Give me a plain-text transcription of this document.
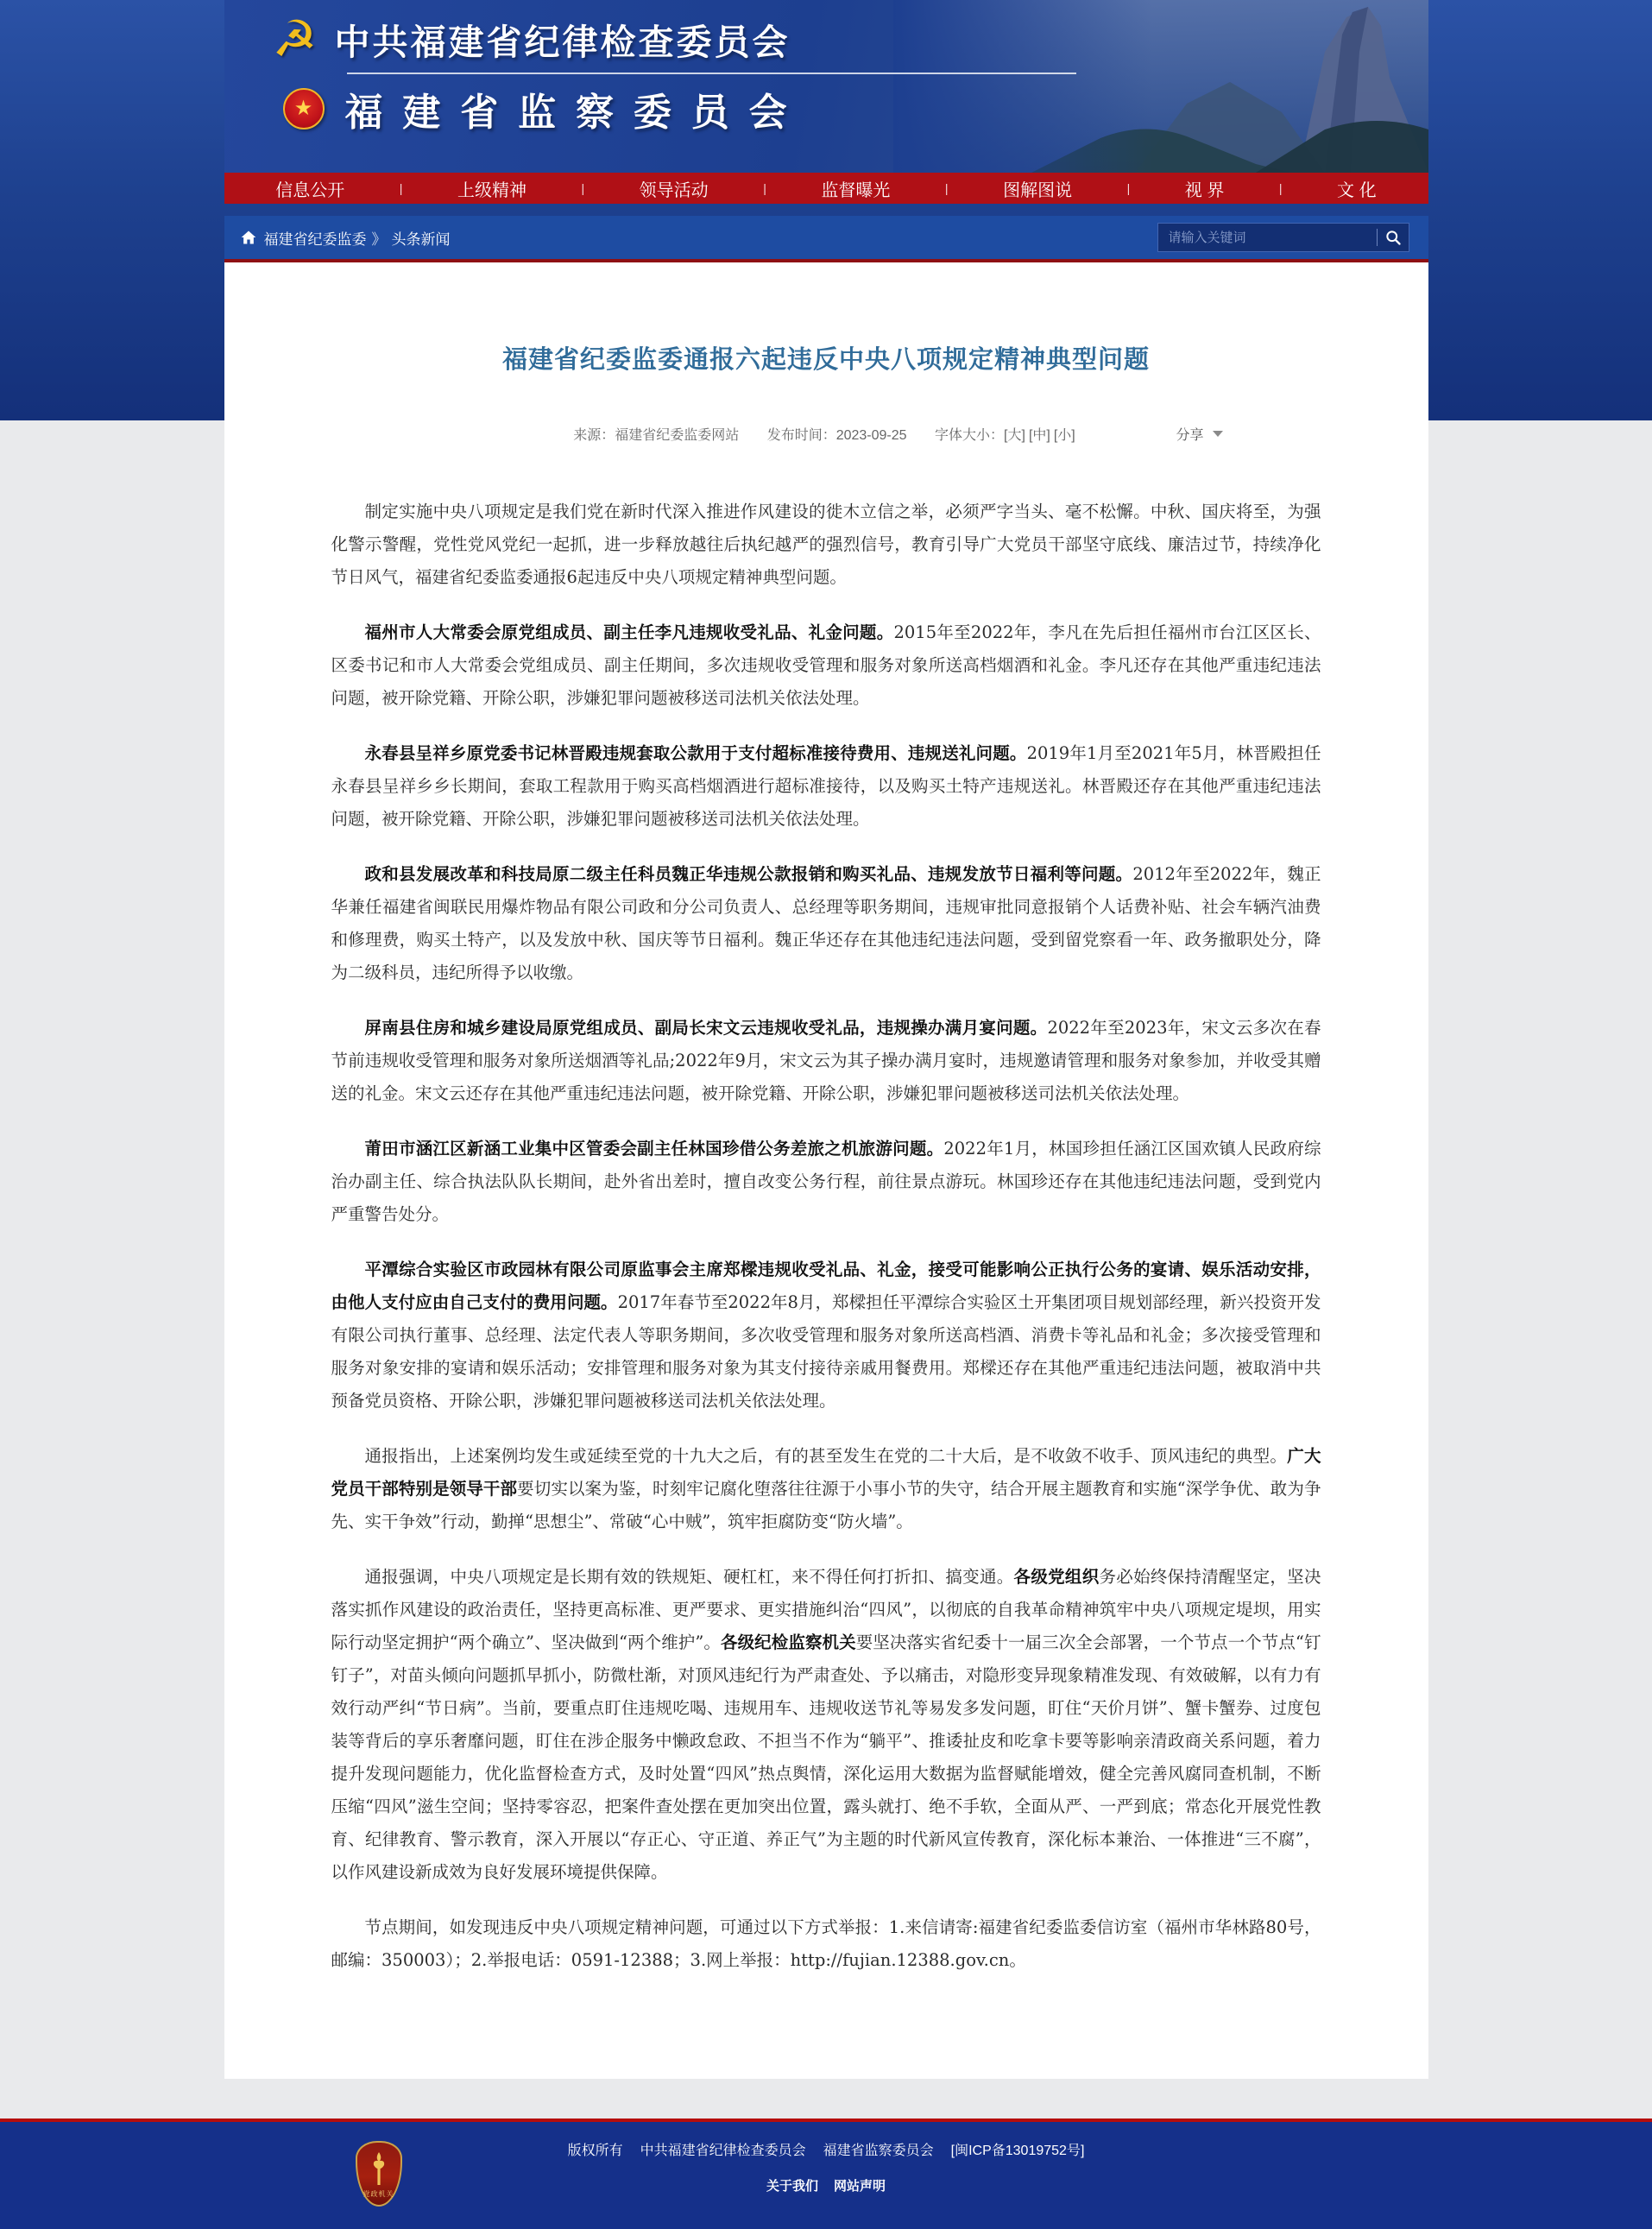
☭ 中共福建省纪律检查委员会
★ 福建省监察委员会
信息公开	|	上级精神	|	领导活动	|	监督曝光	|	图解图说	|	视 界	|	文 化
福建省纪委监委 》 头条新闻
请输入关键词
福建省纪委监委通报六起违反中央八项规定精神典型问题
来源：福建省纪委监委网站 发布时间：2023-09-25 字体大小：[大] [中] [小]	分享

制定实施中央八项规定是我们党在新时代深入推进作风建设的徙木立信之举，必须严字当头、毫不松懈。中秋、国庆将至，为强化警示警醒，党性党风党纪一起抓，进一步释放越往后执纪越严的强烈信号，教育引导广大党员干部坚守底线、廉洁过节，持续净化节日风气，福建省纪委监委通报6起违反中央八项规定精神典型问题。

福州市人大常委会原党组成员、副主任李凡违规收受礼品、礼金问题。2015年至2022年，李凡在先后担任福州市台江区区长、区委书记和市人大常委会党组成员、副主任期间，多次违规收受管理和服务对象所送高档烟酒和礼金。李凡还存在其他严重违纪违法问题，被开除党籍、开除公职，涉嫌犯罪问题被移送司法机关依法处理。

永春县呈祥乡原党委书记林晋殿违规套取公款用于支付超标准接待费用、违规送礼问题。2019年1月至2021年5月，林晋殿担任永春县呈祥乡乡长期间，套取工程款用于购买高档烟酒进行超标准接待，以及购买土特产违规送礼。林晋殿还存在其他严重违纪违法问题，被开除党籍、开除公职，涉嫌犯罪问题被移送司法机关依法处理。

政和县发展改革和科技局原二级主任科员魏正华违规公款报销和购买礼品、违规发放节日福利等问题。2012年至2022年，魏正华兼任福建省闽联民用爆炸物品有限公司政和分公司负责人、总经理等职务期间，违规审批同意报销个人话费补贴、社会车辆汽油费和修理费，购买土特产，以及发放中秋、国庆等节日福利。魏正华还存在其他违纪违法问题，受到留党察看一年、政务撤职处分，降为二级科员，违纪所得予以收缴。

屏南县住房和城乡建设局原党组成员、副局长宋文云违规收受礼品，违规操办满月宴问题。2022年至2023年，宋文云多次在春节前违规收受管理和服务对象所送烟酒等礼品;2022年9月，宋文云为其子操办满月宴时，违规邀请管理和服务对象参加，并收受其赠送的礼金。宋文云还存在其他严重违纪违法问题，被开除党籍、开除公职，涉嫌犯罪问题被移送司法机关依法处理。

莆田市涵江区新涵工业集中区管委会副主任林国珍借公务差旅之机旅游问题。2022年1月，林国珍担任涵江区国欢镇人民政府综治办副主任、综合执法队队长期间，赴外省出差时，擅自改变公务行程，前往景点游玩。林国珍还存在其他违纪违法问题，受到党内严重警告处分。

平潭综合实验区市政园林有限公司原监事会主席郑樑违规收受礼品、礼金，接受可能影响公正执行公务的宴请、娱乐活动安排，由他人支付应由自己支付的费用问题。2017年春节至2022年8月，郑樑担任平潭综合实验区土开集团项目规划部经理，新兴投资开发有限公司执行董事、总经理、法定代表人等职务期间，多次收受管理和服务对象所送高档酒、消费卡等礼品和礼金；多次接受管理和服务对象安排的宴请和娱乐活动；安排管理和服务对象为其支付接待亲戚用餐费用。郑樑还存在其他严重违纪违法问题，被取消中共预备党员资格、开除公职，涉嫌犯罪问题被移送司法机关依法处理。

通报指出，上述案例均发生或延续至党的十九大之后，有的甚至发生在党的二十大后，是不收敛不收手、顶风违纪的典型。广大党员干部特别是领导干部要切实以案为鉴，时刻牢记腐化堕落往往源于小事小节的失守，结合开展主题教育和实施“深学争优、敢为争先、实干争效”行动，勤掸“思想尘”、常破“心中贼”，筑牢拒腐防变“防火墙”。

通报强调，中央八项规定是长期有效的铁规矩、硬杠杠，来不得任何打折扣、搞变通。各级党组织务必始终保持清醒坚定，坚决落实抓作风建设的政治责任，坚持更高标准、更严要求、更实措施纠治“四风”，以彻底的自我革命精神筑牢中央八项规定堤坝，用实际行动坚定拥护“两个确立”、坚决做到“两个维护”。各级纪检监察机关要坚决落实省纪委十一届三次全会部署，一个节点一个节点“钉钉子”，对苗头倾向问题抓早抓小，防微杜渐，对顶风违纪行为严肃查处、予以痛击，对隐形变异现象精准发现、有效破解，以有力有效行动严纠“节日病”。当前，要重点盯住违规吃喝、违规用车、违规收送节礼等易发多发问题，盯住“天价月饼”、蟹卡蟹券、过度包装等背后的享乐奢靡问题，盯住在涉企服务中懒政怠政、不担当不作为“躺平”、推诿扯皮和吃拿卡要等影响亲清政商关系问题，着力提升发现问题能力，优化监督检查方式，及时处置“四风”热点舆情，深化运用大数据为监督赋能增效，健全完善风腐同查机制，不断压缩“四风”滋生空间；坚持零容忍，把案件查处摆在更加突出位置，露头就打、绝不手软，全面从严、一严到底；常态化开展党性教育、纪律教育、警示教育，深入开展以“存正心、守正道、养正气”为主题的时代新风宣传教育，深化标本兼治、一体推进“三不腐”，以作风建设新成效为良好发展环境提供保障。

节点期间，如发现违反中央八项规定精神问题，可通过以下方式举报：1.来信请寄:福建省纪委监委信访室（福州市华林路80号，邮编：350003）；2.举报电话：0591-12388；3.网上举报：http://fujian.12388.gov.cn。

党政机关
版权所有 中共福建省纪律检查委员会 福建省监察委员会 [闽ICP备13019752号]
关于我们 网站声明
